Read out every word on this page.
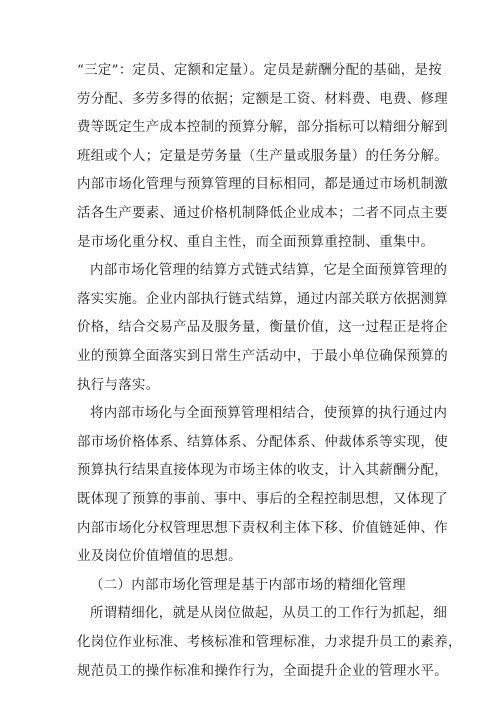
“三定”：定员、定额和定量）。定员是薪酬分配的基础，是按
劳分配、多劳多得的依据；定额是工资、材料费、电费、修理
费等既定生产成本控制的预算分解，部分指标可以精细分解到
班组或个人；定量是劳务量（生产量或服务量）的任务分解。
内部市场化管理与预算管理的目标相同，都是通过市场机制激
活各生产要素、通过价格机制降低企业成本；二者不同点主要
是市场化重分权、重自主性，而全面预算重控制、重集中。
内部市场化管理的结算方式链式结算，它是全面预算管理的
落实实施。企业内部执行链式结算，通过内部关联方依据测算
价格，结合交易产品及服务量，衡量价值，这一过程正是将企
业的预算全面落实到日常生产活动中，于最小单位确保预算的
执行与落实。
将内部市场化与全面预算管理相结合，使预算的执行通过内
部市场价格体系、结算体系、分配体系、仲裁体系等实现，使
预算执行结果直接体现为市场主体的收支，计入其薪酬分配，
既体现了预算的事前、事中、事后的全程控制思想，又体现了
内部市场化分权管理思想下责权利主体下移、价值链延伸、作
业及岗位价值增值的思想。
（二）内部市场化管理是基于内部市场的精细化管理
所谓精细化，就是从岗位做起，从员工的工作行为抓起，细
化岗位作业标准、考核标准和管理标准，力求提升员工的素养，
规范员工的操作标准和操作行为，全面提升企业的管理水平。
